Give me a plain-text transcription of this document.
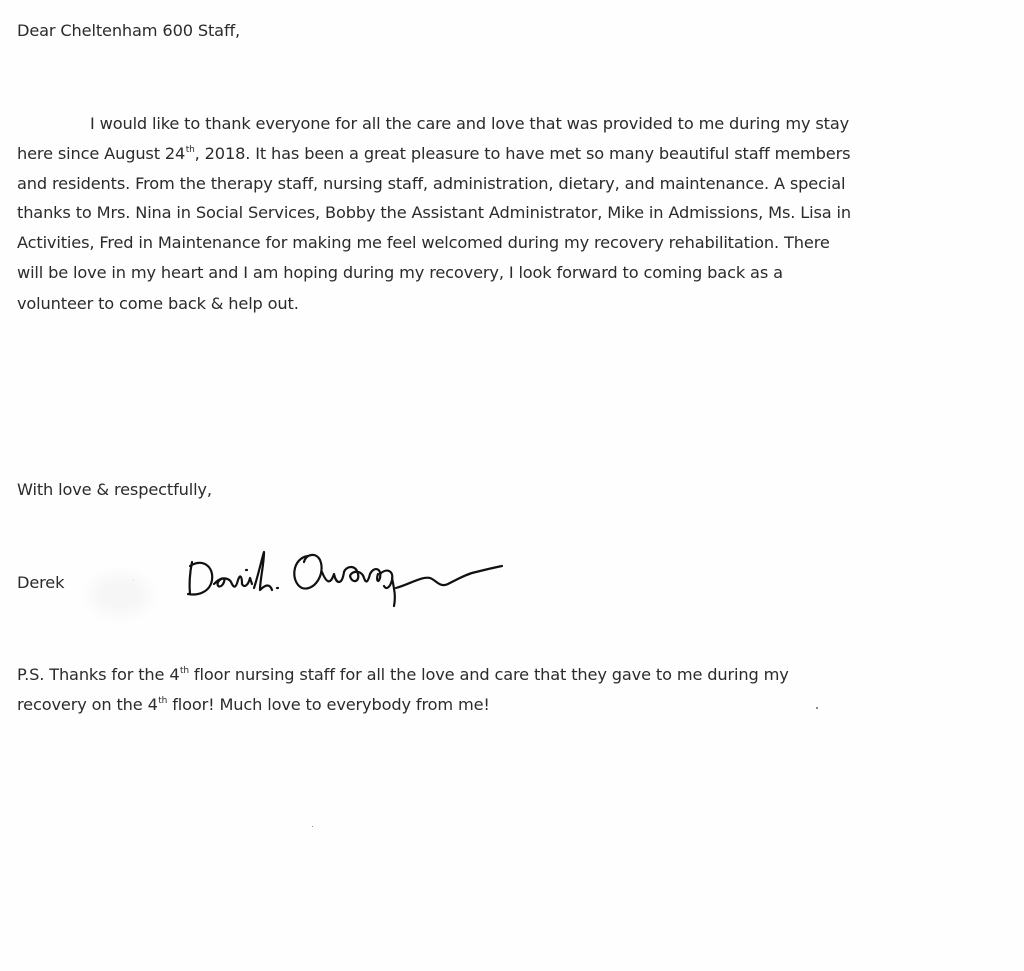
Dear Cheltenham 600 Staff,
I would like to thank everyone for all the care and love that was provided to me during my stay
here since August 24th, 2018. It has been a great pleasure to have met so many beautiful staff members
and residents. From the therapy staff, nursing staff, administration, dietary, and maintenance. A special
thanks to Mrs. Nina in Social Services, Bobby the Assistant Administrator, Mike in Admissions, Ms. Lisa in
Activities, Fred in Maintenance for making me feel welcomed during my recovery rehabilitation. There
will be love in my heart and I am hoping during my recovery, I look forward to coming back as a
volunteer to come back & help out.
With love & respectfully,
Derek
P.S. Thanks for the 4th floor nursing staff for all the love and care that they gave to me during my
recovery on the 4th floor! Much love to everybody from me!
